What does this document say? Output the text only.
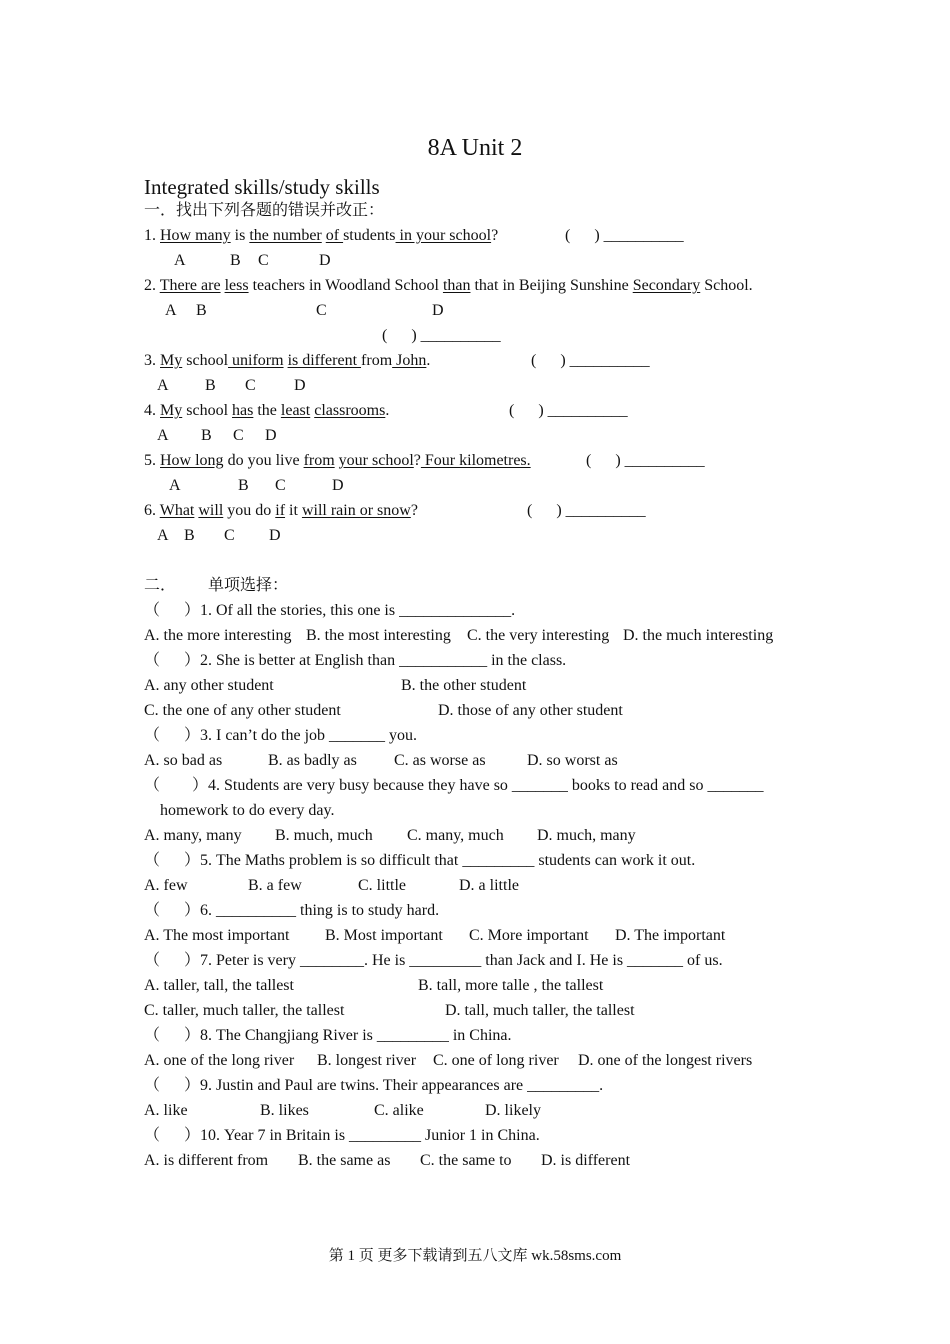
8A Unit 2
Integrated skills/study skills
一．找出下列各题的错误并改正：
1. How many is the number of students in your school?	(      ) __________
A	B C	D
2. There are less teachers in Woodland School than that in Beijing Sunshine Secondary School.
(      ) __________
A B	C	D
3. My school uniform is different from John.	(      ) __________
A B C D
4. My school has the least classrooms.	(      ) __________
A B C D
5. How long do you live from your school? Four kilometres.	(      ) __________
A	B C	D
6. What will you do if it will rain or snow?	(      ) __________
A B C D
二．        单项选择：
（      ）1. Of all the stories, this one is ______________.
A. the more interesting B. the most interesting C. the very interesting D. the much interesting
（      ）2. She is better at English than ___________ in the class.
A. any other student	B. the other student
C. the one of any other student	D. those of any other student
（      ）3. I can’t do the job _______ you.
A. so bad as	B. as badly as C. as worse as	D. so worst as
（        ）4. Students are very busy because they have so _______ books to read and so _______
homework to do every day.
A. many, many B. much, much C. many, much D. much, many
（      ）5. The Maths problem is so difficult that _________ students can work it out.
A. few	B. a few	C. little	D. a little
（      ）6. __________ thing is to study hard.
A. The most important B. Most important C. More important D. The important
（      ）7. Peter is very ________. He is _________ than Jack and I. He is _______ of us.
A. taller, tall, the tallest	B. tall, more talle , the tallest
C. taller, much taller, the tallest	D. tall, much taller, the tallest
（      ）8. The Changjiang River is _________ in China.
A. one of the long river B. longest river C. one of long river D. one of the longest rivers
（      ）9. Justin and Paul are twins. Their appearances are _________.
A. like	B. likes	C. alike	D. likely
（      ）10. Year 7 in Britain is _________ Junior 1 in China.
A. is different from B. the same as C. the same to D. is different
第 1 页 更多下载请到五八文库 wk.58sms.com
